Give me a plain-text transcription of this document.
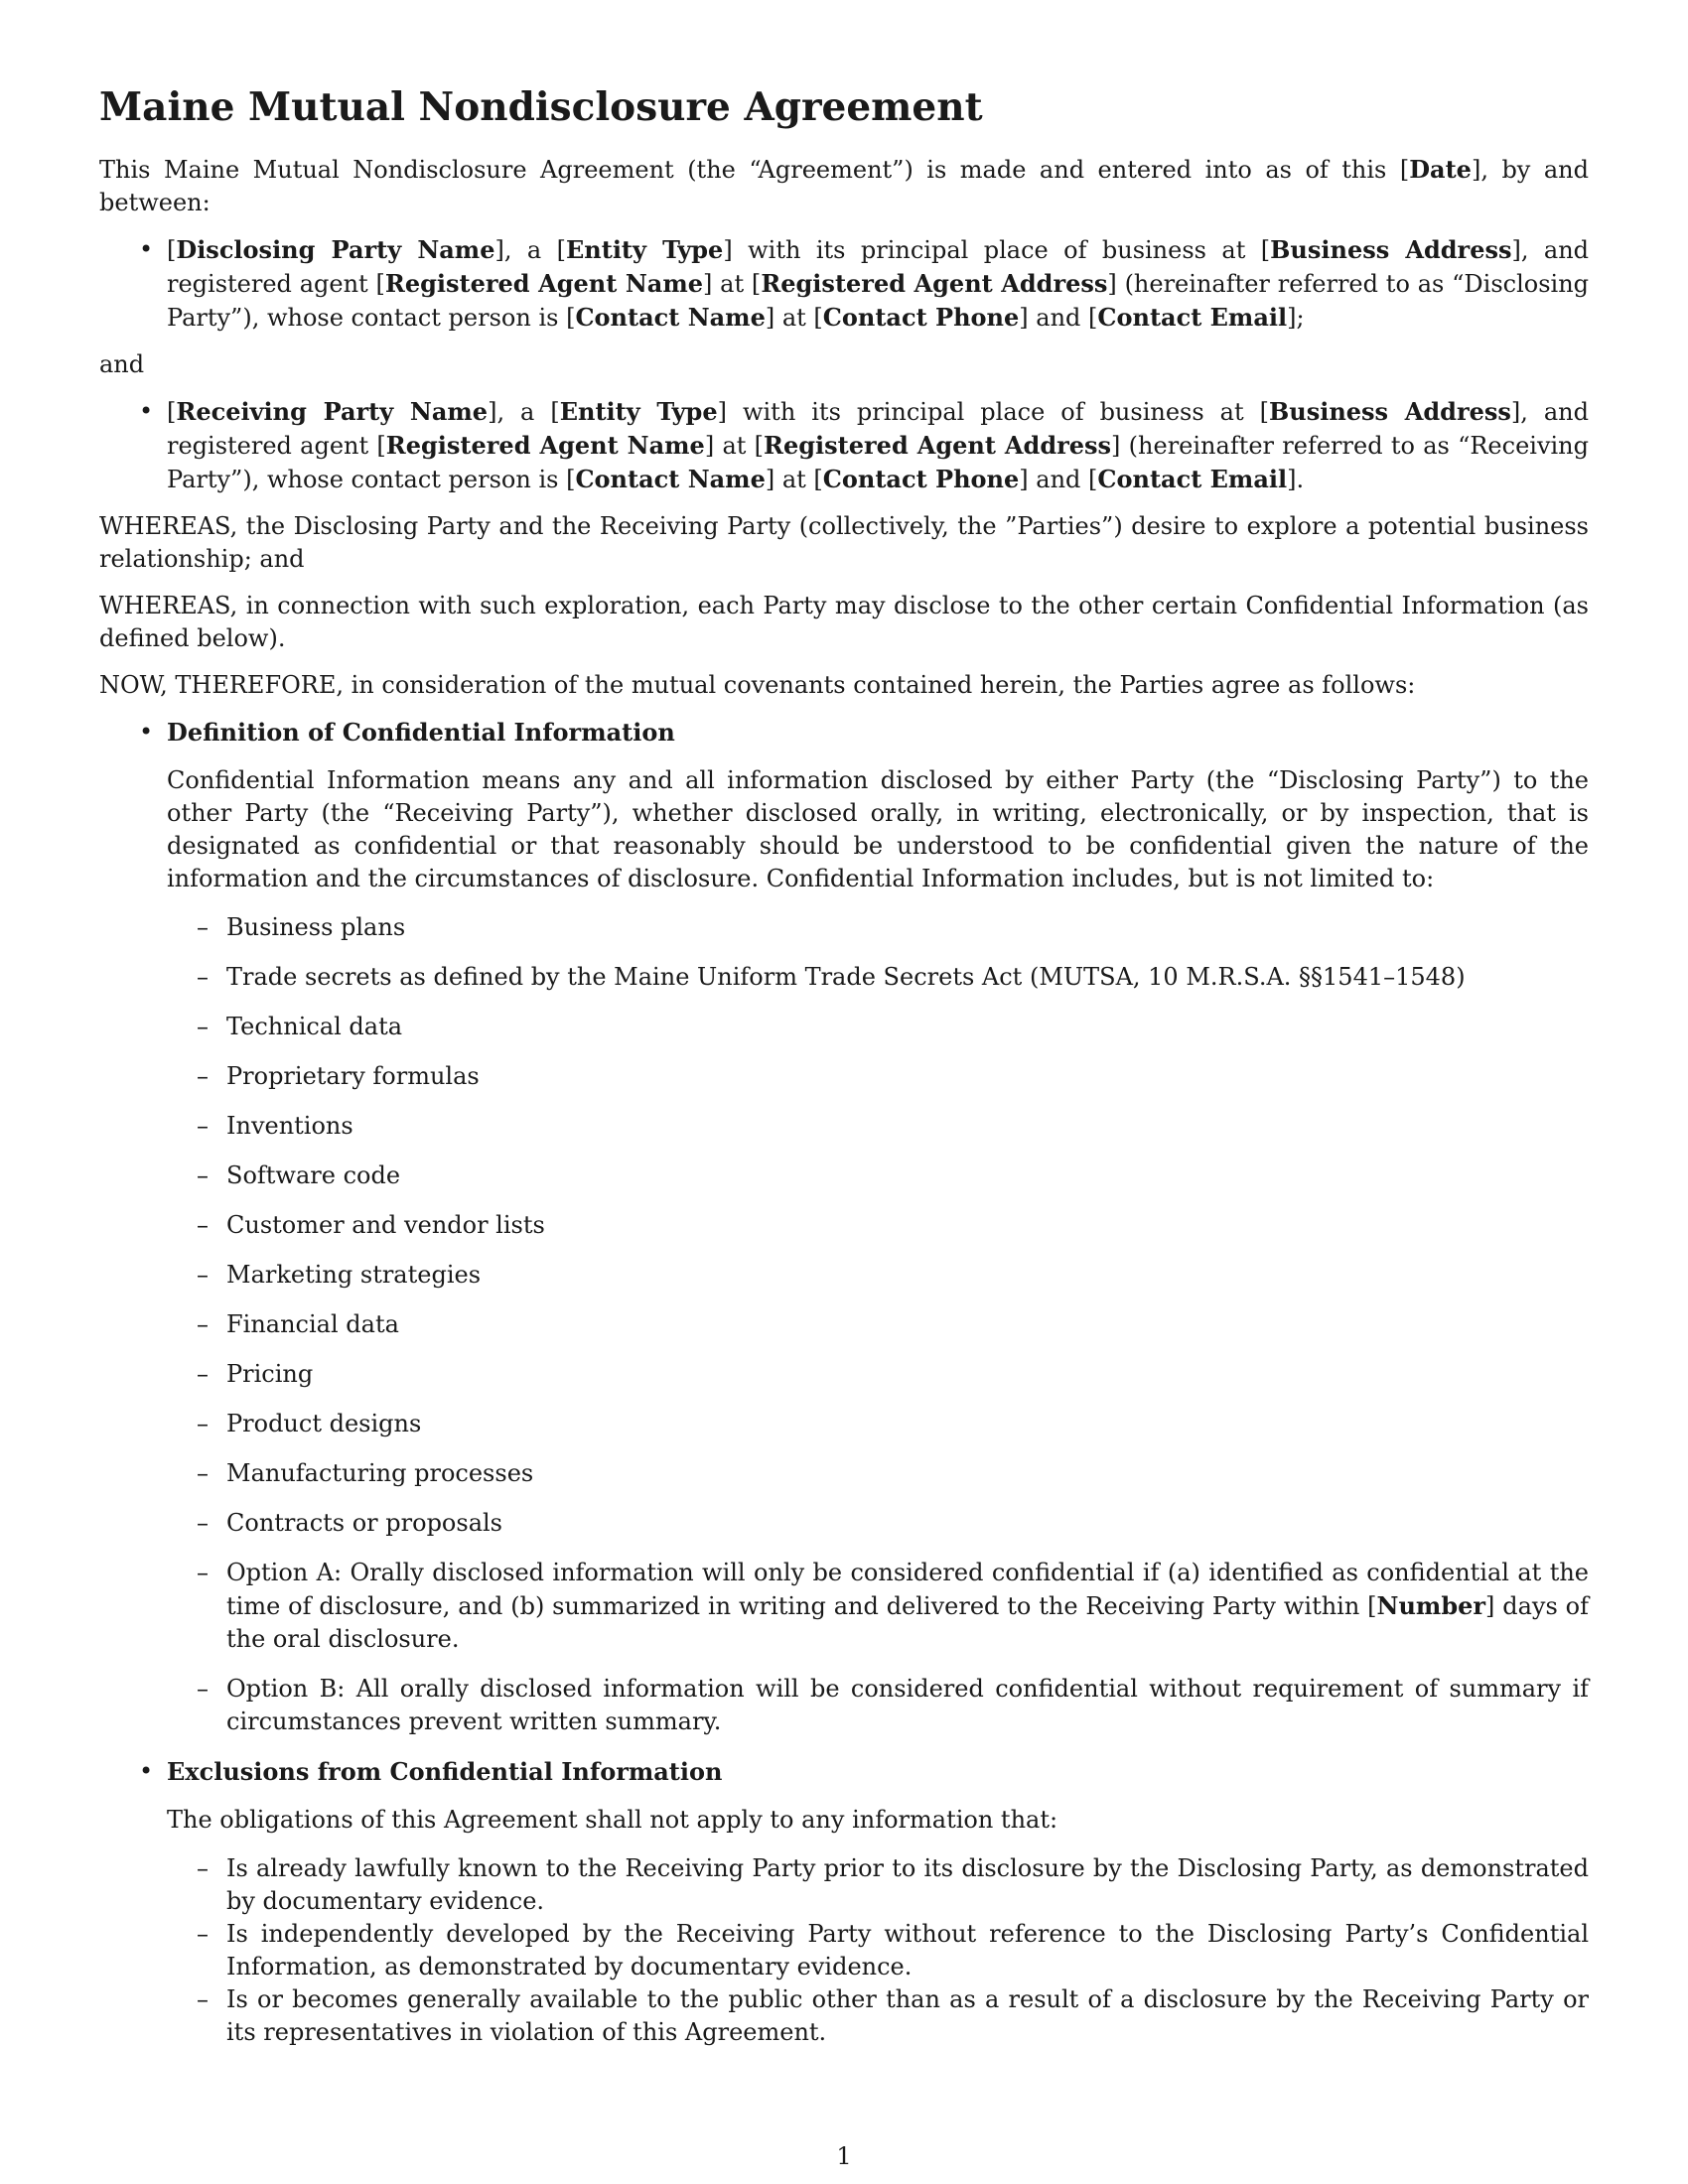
Maine Mutual Nondisclosure Agreement

This Maine Mutual Nondisclosure Agreement (the “Agreement”) is made and entered into as of this [Date], by and between:

• [Disclosing Party Name], a [Entity Type] with its principal place of business at [Business Address], and registered agent [Registered Agent Name] at [Registered Agent Address] (hereinafter referred to as “Disclosing Party”), whose contact person is [Contact Name] at [Contact Phone] and [Contact Email];

and

• [Receiving Party Name], a [Entity Type] with its principal place of business at [Business Address], and registered agent [Registered Agent Name] at [Registered Agent Address] (hereinafter referred to as “Receiving Party”), whose contact person is [Contact Name] at [Contact Phone] and [Contact Email].

WHEREAS, the Disclosing Party and the Receiving Party (collectively, the ”Parties”) desire to explore a potential business relationship; and

WHEREAS, in connection with such exploration, each Party may disclose to the other certain Confidential Information (as defined below).

NOW, THEREFORE, in consideration of the mutual covenants contained herein, the Parties agree as follows:

• Definition of Confidential Information

Confidential Information means any and all information disclosed by either Party (the “Disclosing Party”) to the other Party (the “Receiving Party”), whether disclosed orally, in writing, electronically, or by inspection, that is designated as confidential or that reasonably should be understood to be confidential given the nature of the information and the circumstances of disclosure. Confidential Information includes, but is not limited to:

– Business plans
– Trade secrets as defined by the Maine Uniform Trade Secrets Act (MUTSA, 10 M.R.S.A. §§1541–1548)
– Technical data
– Proprietary formulas
– Inventions
– Software code
– Customer and vendor lists
– Marketing strategies
– Financial data
– Pricing
– Product designs
– Manufacturing processes
– Contracts or proposals
– Option A: Orally disclosed information will only be considered confidential if (a) identified as confidential at the time of disclosure, and (b) summarized in writing and delivered to the Receiving Party within [Number] days of the oral disclosure.
– Option B: All orally disclosed information will be considered confidential without requirement of summary if circumstances prevent written summary.
• Exclusions from Confidential Information

The obligations of this Agreement shall not apply to any information that:

– Is already lawfully known to the Receiving Party prior to its disclosure by the Disclosing Party, as demonstrated by documentary evidence.
– Is independently developed by the Receiving Party without reference to the Disclosing Party’s Confidential Information, as demonstrated by documentary evidence.
– Is or becomes generally available to the public other than as a result of a disclosure by the Receiving Party or its representatives in violation of this Agreement.
1
